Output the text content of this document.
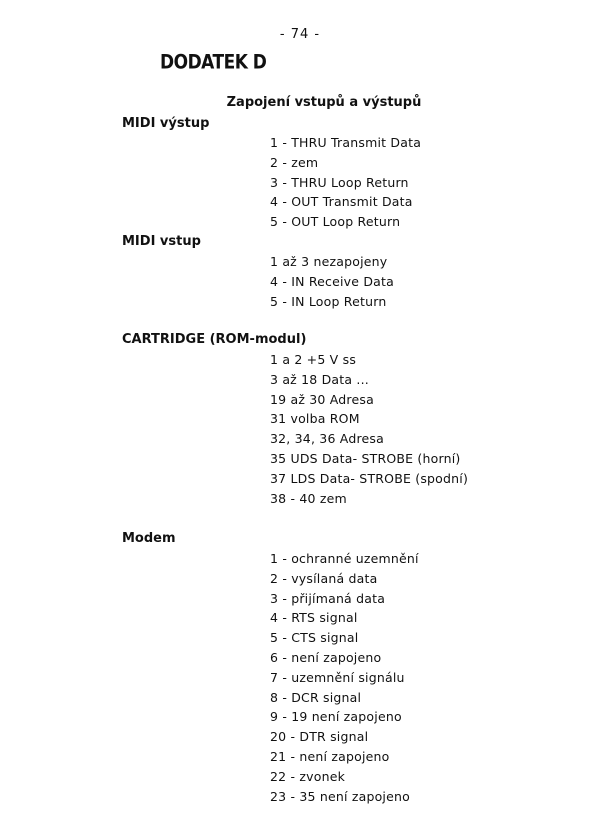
- 74 -
DODATEK D
Zapojení vstupů a výstupů
MIDI výstup
1 - THRU Transmit Data
2 - zem
3 - THRU Loop Return
4 - OUT Transmit Data
5 - OUT Loop Return
MIDI vstup
1 až 3 nezapojeny
4 - IN Receive Data
5 - IN Loop Return
CARTRIDGE (ROM-modul)
1 a 2 +5 V ss
3 až 18 Data ...
19 až 30 Adresa
31 volba ROM
32, 34, 36 Adresa
35 UDS Data- STROBE (horní)
37 LDS Data- STROBE (spodní)
38 - 40 zem
Modem
1 - ochranné uzemnění
2 - vysílaná data
3 - přijímaná data
4 - RTS signal
5 - CTS signal
6 - není zapojeno
7 - uzemnění signálu
8 - DCR signal
9 - 19 není zapojeno
20 - DTR signal
21 - není zapojeno
22 - zvonek
23 - 35 není zapojeno
